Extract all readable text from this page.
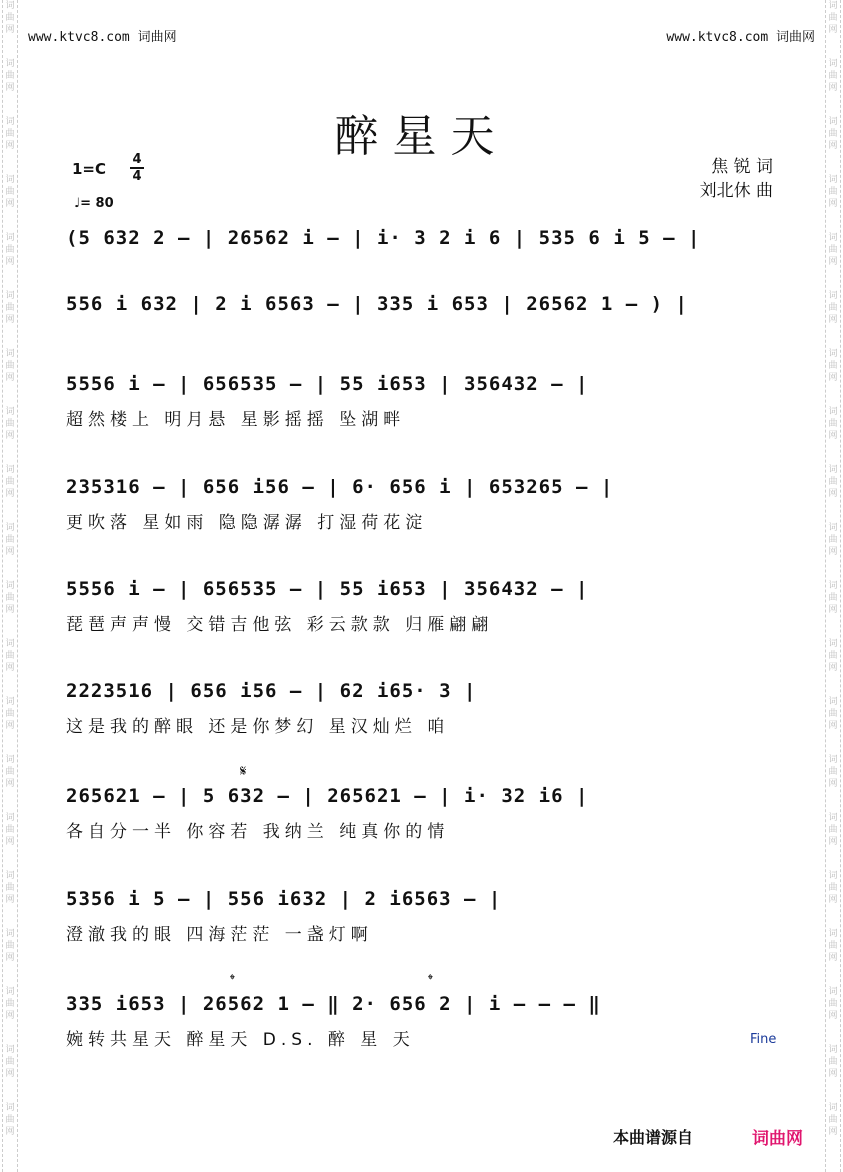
词曲网
词曲网
词曲网
词曲网
词曲网
词曲网
词曲网
词曲网
词曲网
词曲网
词曲网
词曲网
词曲网
词曲网
词曲网
词曲网
词曲网
词曲网
词曲网
词曲网
词曲网
词曲网
词曲网
词曲网
词曲网
词曲网
词曲网
词曲网
词曲网
词曲网
词曲网
词曲网
词曲网
词曲网
词曲网
词曲网
词曲网
词曲网
词曲网
词曲网
www.ktvc8.com 词曲网	www.ktvc8.com 词曲网
醉星天
1=C
4
4
♩= 80
焦 锐 词
刘北休 曲
𝄋
𝄌	𝄌
(5 632 2 – | 26562 i – | i· 3 2 i 6 | 535 6 i 5 – |
556 i 632 | 2 i 6563 – | 335 i 653 | 26562 1 – ) |
5556 i – | 656535 – | 55 i653 | 356432 – |
超然楼上 明月悬 星影摇摇 坠湖畔
235316 – | 656 i56 – | 6· 656 i | 653265 – |
更吹落 星如雨 隐隐潺潺 打湿荷花淀
5556 i – | 656535 – | 55 i653 | 356432 – |
琵琶声声慢 交错吉他弦 彩云款款 归雁翩翩
2223516 | 656 i56 – | 62 i65· 3 |
这是我的醉眼 还是你梦幻 星汉灿烂 咱
265621 – | 5 632 – | 265621 – | i· 32 i6 |
各自分一半 你容若 我纳兰 纯真你的情
5356 i 5 – | 556 i632 | 2 i6563 – |
澄澈我的眼 四海茫茫 一盏灯啊
335 i653 | 26562 1 – ‖ 2· 656 2 | i – – – ‖
婉转共星天 醉星天 D.S. 醉 星 天	Fine
本曲谱源自	词曲网
